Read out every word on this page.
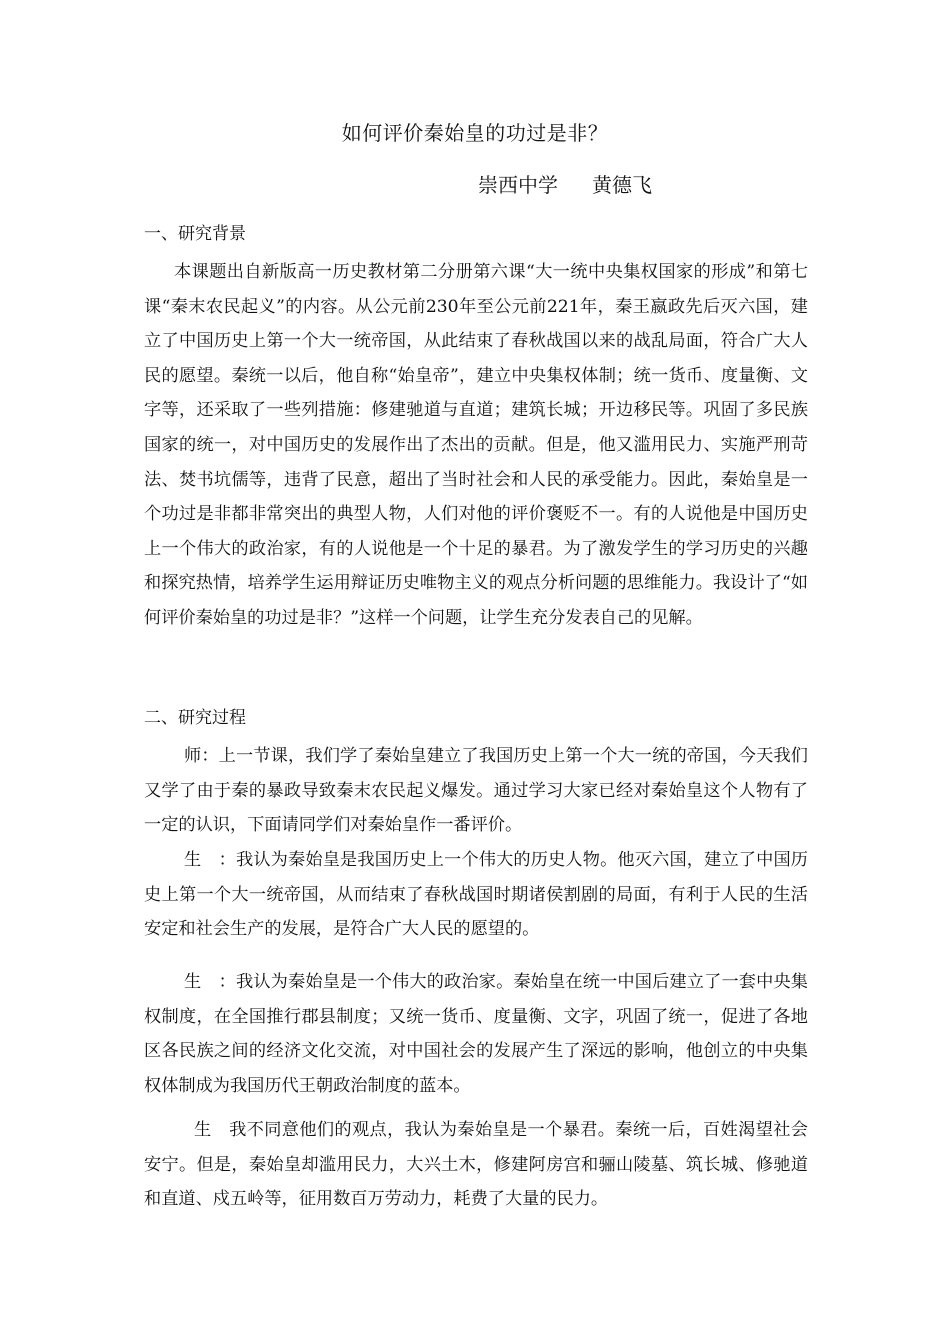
如何评价秦始皇的功过是非？
崇西中学 黄德飞
一、研究背景
本课题出自新版高一历史教材第二分册第六课“大一统中央集权国家的形成”和第七课“秦末农民起义”的内容。从公元前230年至公元前221年，秦王嬴政先后灭六国，建立了中国历史上第一个大一统帝国，从此结束了春秋战国以来的战乱局面，符合广大人民的愿望。秦统一以后，他自称“始皇帝”，建立中央集权体制；统一货币、度量衡、文字等，还采取了一些列措施：修建驰道与直道；建筑长城；开边移民等。巩固了多民族国家的统一，对中国历史的发展作出了杰出的贡献。但是，他又滥用民力、实施严刑苛法、焚书坑儒等，违背了民意，超出了当时社会和人民的承受能力。因此，秦始皇是一个功过是非都非常突出的典型人物，人们对他的评价褒贬不一。有的人说他是中国历史上一个伟大的政治家，有的人说他是一个十足的暴君。为了激发学生的学习历史的兴趣和探究热情，培养学生运用辩证历史唯物主义的观点分析问题的思维能力。我设计了“如何评价秦始皇的功过是非？”这样一个问题，让学生充分发表自己的见解。
二、研究过程
师：上一节课，我们学了秦始皇建立了我国历史上第一个大一统的帝国，今天我们又学了由于秦的暴政导致秦末农民起义爆发。通过学习大家已经对秦始皇这个人物有了一定的认识，下面请同学们对秦始皇作一番评价。
生　：我认为秦始皇是我国历史上一个伟大的历史人物。他灭六国，建立了中国历史上第一个大一统帝国，从而结束了春秋战国时期诸侯割剧的局面，有利于人民的生活安定和社会生产的发展，是符合广大人民的愿望的。
生　：我认为秦始皇是一个伟大的政治家。秦始皇在统一中国后建立了一套中央集权制度，在全国推行郡县制度；又统一货币、度量衡、文字，巩固了统一，促进了各地区各民族之间的经济文化交流，对中国社会的发展产生了深远的影响，他创立的中央集权体制成为我国历代王朝政治制度的蓝本。
生　我不同意他们的观点，我认为秦始皇是一个暴君。秦统一后，百姓渴望社会安宁。但是，秦始皇却滥用民力，大兴土木，修建阿房宫和骊山陵墓、筑长城、修驰道和直道、戍五岭等，征用数百万劳动力，耗费了大量的民力。
